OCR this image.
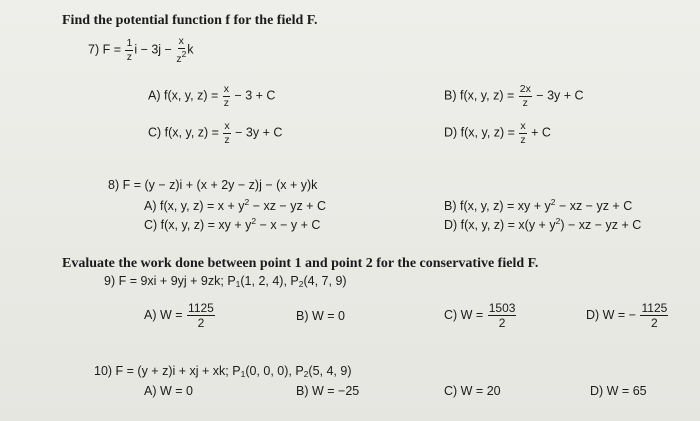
Find the potential function f for the field F.
7) $F = \frac{1}{z}$ $i - 3j - \frac{x}{z^2}$ k
A) f(x, y, $z) = \frac{x}{z} - 3 + C$	B) f(x, y, $z) = \frac{2x}{z} - 3y + C$
C) f(x, y, $z) = \frac{x}{z} - 3y + C$	D) f(x, y, $z) = \frac{x}{z} + C$
8) F = (y − z)i + (x + 2y − z)j − (x + y)k
A) f(x, y, $z) = x + y^2$ − xz − yz + C	B) f(x, y, z) = xy + $y^2$ − xz − yz + C
C) f(x, y, z) = xy + $y^2 - x - y + C$	D) f(x, y, $z) = x(y + y^2)$ − xz − yz + C
Evaluate the work done between point 1 and point 2 for the conservative field F.
9) F = 9xi + 9yj + 9zk; $P_1(1$, 2, 4), $P_2(4$, 7, 9)
A) $W = \frac{1125}{2}$	B) W = 0	C) $W = \frac{1503}{2}$	D) W = − $\frac{1125}{2}$
10) F = (y + z)i + xj + xk; $P_1(0$, 0, 0), $P_2(5$, 4, 9)
A) W = 0	B) W = −25	C) W = 20	D) W = 65
